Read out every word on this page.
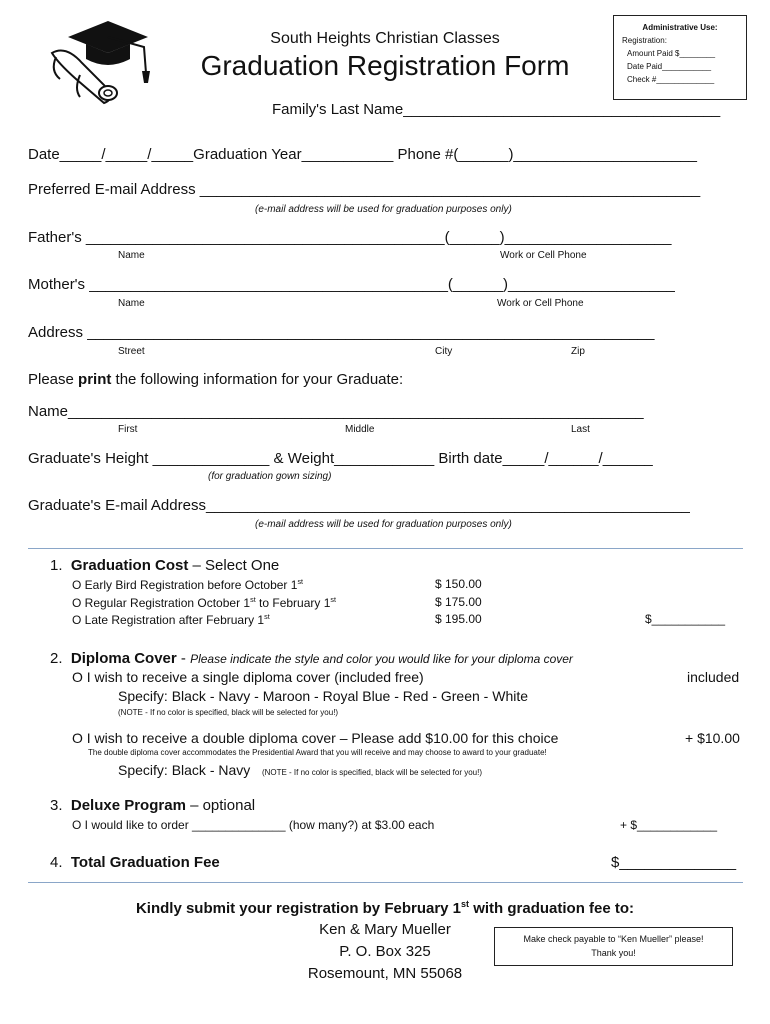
South Heights Christian Classes
Graduation Registration Form
Family's Last Name______________________________________
Administrative Use:
Registration:
Amount Paid $________
Date Paid___________
Check #_____________
Date_____/_____/_____Graduation Year___________ Phone #(______)______________________
Preferred E-mail Address ____________________________________________________________
(e-mail address will be used for graduation purposes only)
Father's ___________________________________________(______)____________________
Name	Work or Cell Phone
Mother's ___________________________________________(______)____________________
Name	Work or Cell Phone
Address ____________________________________________________________________
Street	City	Zip
Please print the following information for your Graduate:
Name_____________________________________________________________________
First	Middle	Last
Graduate's Height ______________ & Weight____________ Birth date_____/______/______
(for graduation gown sizing)
Graduate's E-mail Address__________________________________________________________
(e-mail address will be used for graduation purposes only)
1. Graduation Cost – Select One
O Early Bird Registration before October 1st	$ 150.00
O Regular Registration October 1st to February 1st	$ 175.00
O Late Registration after February 1st	$ 195.00	$___________
2. Diploma Cover - Please indicate the style and color you would like for your diploma cover
O I wish to receive a single diploma cover (included free)	included
Specify: Black - Navy - Maroon - Royal Blue - Red - Green - White
(NOTE - If no color is specified, black will be selected for you!)
O I wish to receive a double diploma cover – Please add $10.00 for this choice	+ $10.00
The double diploma cover accommodates the Presidential Award that you will receive and may choose to award to your graduate!
Specify: Black - Navy (NOTE - If no color is specified, black will be selected for you!)
3. Deluxe Program – optional
O I would like to order ______________ (how many?) at $3.00 each	+ $____________
4. Total Graduation Fee	$______________
Kindly submit your registration by February 1st with graduation fee to:
Ken & Mary Mueller
P. O. Box 325
Rosemount, MN 55068
Make check payable to “Ken Mueller” please!
Thank you!
